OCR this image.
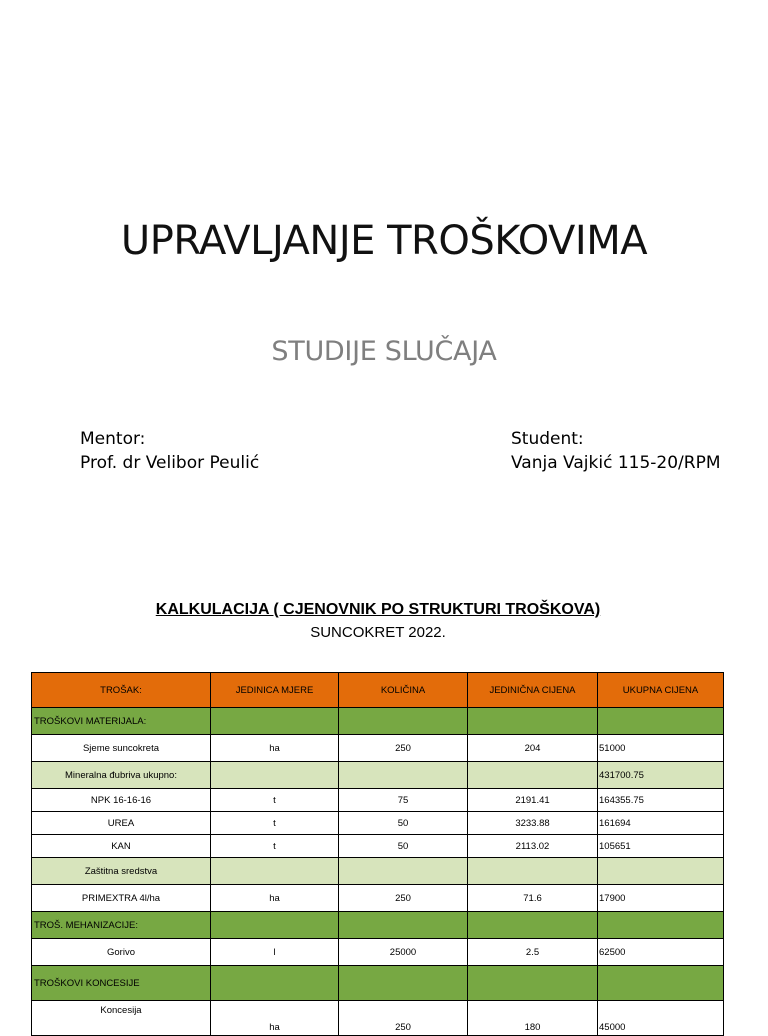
UPRAVLJANJE TROŠKOVIMA
STUDIJE SLUČAJA
Mentor:
Prof. dr Velibor Peulić
Student:
Vanja Vajkić 115-20/RPM
KALKULACIJA ( CJENOVNIK PO STRUKTURI TROŠKOVA)
SUNCOKRET 2022.
TROŠAK:	JEDINICA MJERE	KOLIČINA	JEDINIČNA CIJENA	UKUPNA CIJENA
TROŠKOVI MATERIJALA:				
Sjeme suncokreta	ha	250	204	51000
Mineralna đubriva ukupno:				431700.75
NPK 16-16-16	t	75	2191.41	164355.75
UREA	t	50	3233.88	161694
KAN	t	50	2113.02	105651
Zaštitna sredstva				
PRIMEXTRA 4l/ha	ha	250	71.6	17900
TROŠ. MEHANIZACIJE:				
Gorivo	l	25000	2.5	62500
TROŠKOVI KONCESIJE				
Koncesija	ha	250	180	45000
